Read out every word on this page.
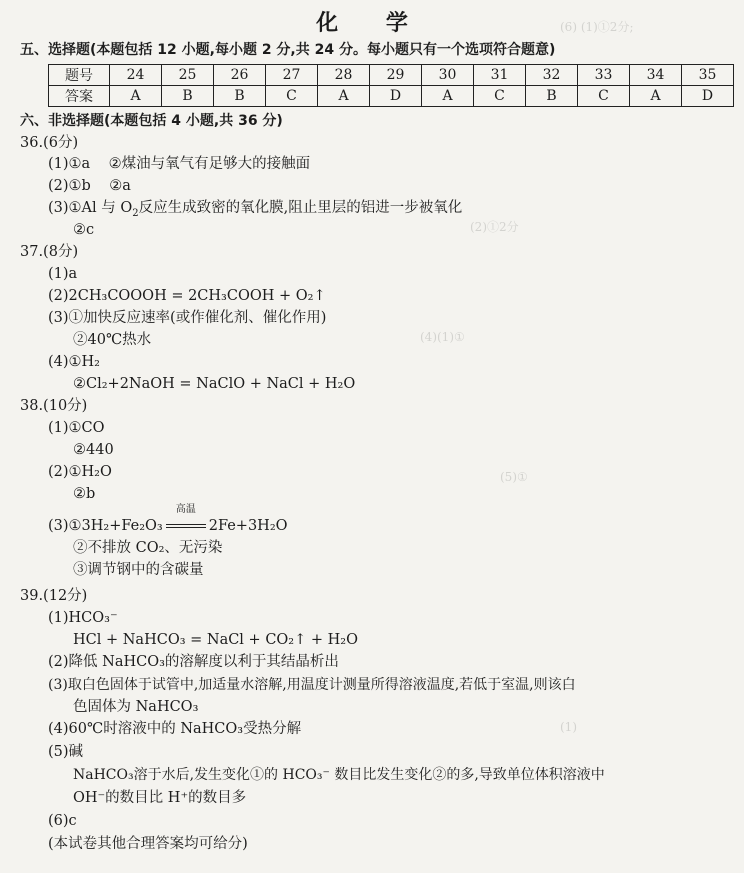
(6) (1)①2分;
(2)①2分
(4)(1)①
(5)①
(1)
化 学
五、选择题(本题包括 12 小题,每小题 2 分,共 24 分。每小题只有一个选项符合题意)
题号	24	25	26	27	28	29	30	31	32	33	34	35
答案	A	B	B	C	A	D	A	C	B	C	A	D
六、非选择题(本题包括 4 小题,共 36 分)
36.(6分)
(1)①a    ②煤油与氧气有足够大的接触面
(2)①b    ②a
(3)①Al 与 $O_2$反应生成致密的氧化膜,阻止里层的铝进一步被氧化
②c
37.(8分)
(1)a
(2)2CH₃COOOH = 2CH₃COOH + O₂↑
(3)①加快反应速率(或作催化剂、催化作用)
②40℃热水
(4)①H₂
②Cl₂+2NaOH = NaClO + NaCl + H₂O
38.(10分)
(1)①CO
②440
(2)①H₂O
②b
(3)①3H₂+Fe₂O₃
高温
2Fe+3H₂O
②不排放 CO₂、无污染
③调节钢中的含碳量
39.(12分)
(1)HCO₃⁻
HCl + NaHCO₃ = NaCl + CO₂↑ + H₂O
(2)降低 NaHCO₃的溶解度以利于其结晶析出
(3)取白色固体于试管中,加适量水溶解,用温度计测量所得溶液温度,若低于室温,则该白
色固体为 NaHCO₃
(4)60℃时溶液中的 NaHCO₃受热分解
(5)碱
NaHCO₃溶于水后,发生变化①的 HCO₃⁻ 数目比发生变化②的多,导致单位体积溶液中
OH⁻的数目比 H⁺的数目多
(6)c
(本试卷其他合理答案均可给分)
